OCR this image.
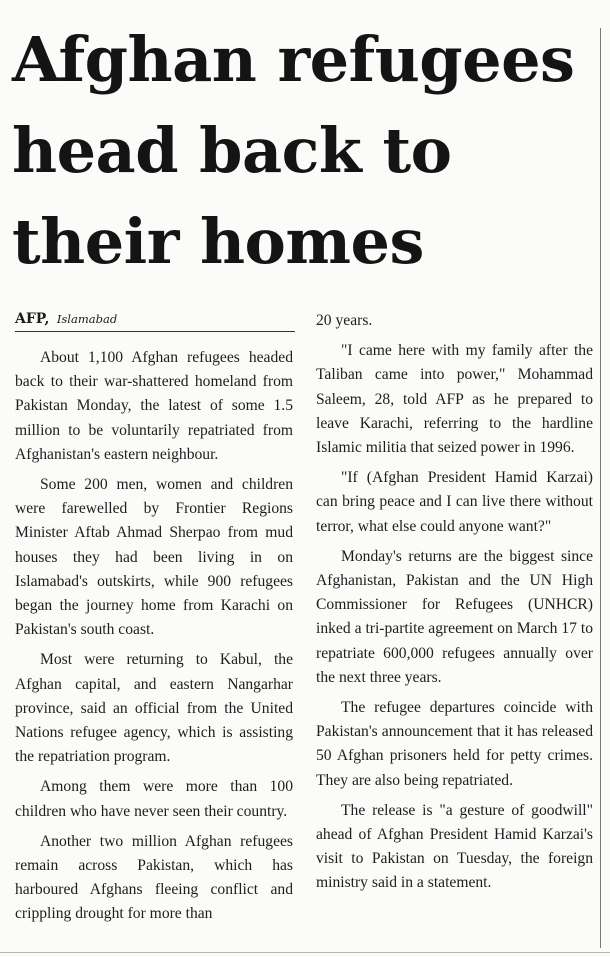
Afghan refugees
head back to
their homes
AFP, Islamabad

About 1,100 Afghan refugees headed back to their war-shattered homeland from Pakistan Monday, the latest of some 1.5 million to be voluntarily repatriated from Afghanistan's eastern neighbour.

Some 200 men, women and children were farewelled by Frontier Regions Minister Aftab Ahmad Sherpao from mud houses they had been living in on Islamabad's outskirts, while 900 refugees began the journey home from Karachi on Pakistan's south coast.

Most were returning to Kabul, the Afghan capital, and eastern Nangarhar province, said an official from the United Nations refugee agency, which is assisting the repatriation program.

Among them were more than 100 children who have never seen their country.

Another two million Afghan refugees remain across Pakistan, which has harboured Afghans fleeing conflict and crippling drought for more than

20 years.

"I came here with my family after the Taliban came into power," Mohammad Saleem, 28, told AFP as he prepared to leave Karachi, referring to the hardline Islamic militia that seized power in 1996.

"If (Afghan President Hamid Karzai) can bring peace and I can live there without terror, what else could anyone want?"

Monday's returns are the biggest since Afghanistan, Pakistan and the UN High Commissioner for Refugees (UNHCR) inked a tri-partite agreement on March 17 to repatriate 600,000 refugees annually over the next three years.

The refugee departures coincide with Pakistan's announcement that it has released 50 Afghan prisoners held for petty crimes. They are also being repatriated.

The release is "a gesture of goodwill" ahead of Afghan President Hamid Karzai's visit to Pakistan on Tuesday, the foreign ministry said in a statement.
